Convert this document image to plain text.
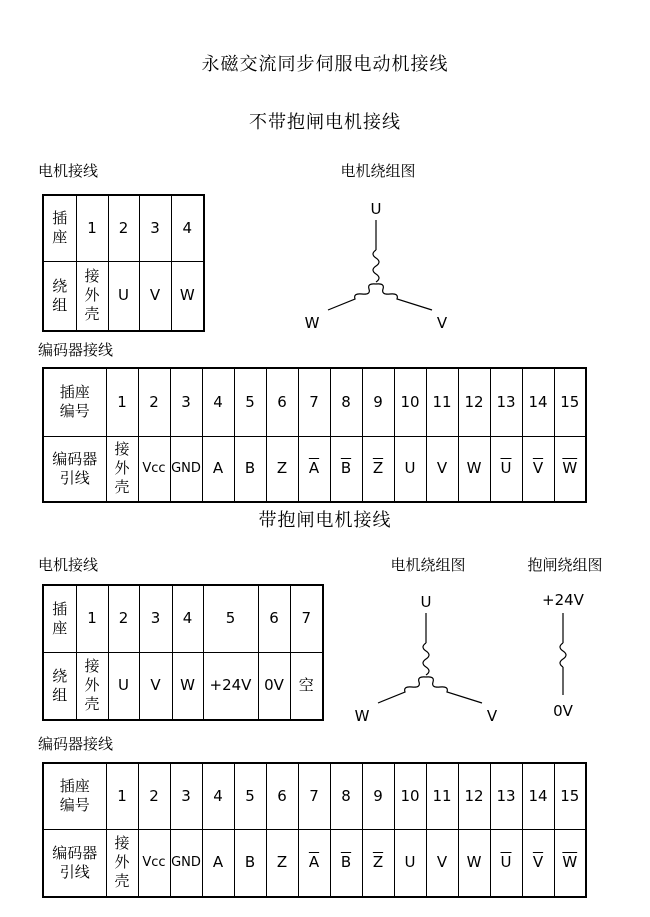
永磁交流同步伺服电动机接线
不带抱闸电机接线
电机接线
插
座	1	2	3	4
绕
组	接
外
壳	U	V	W
电机绕组图
U
W	V
编码器接线
插座
编号	1	2	3	4	5	6	7	8	9	10	11	12	13	14	15
编码器
引线	接
外
壳	Vcc	GND	A	B	Z	$\overline{A}$	$\overline{B}$	$\overline{Z}$	U	V	W	$\overline{U}$	$\overline{V}$	$\overline{W}$
带抱闸电机接线
电机接线
插
座	1	2	3	4	5	6	7
绕
组	接
外
壳	U	V	W	+24V	0V	空
电机绕组图
U
W	V
抱闸绕组图
+24V
0V
编码器接线
插座
编号	1	2	3	4	5	6	7	8	9	10	11	12	13	14	15
编码器
引线	接
外
壳	Vcc	GND	A	B	Z	$\overline{A}$	$\overline{B}$	$\overline{Z}$	U	V	W	$\overline{U}$	$\overline{V}$	$\overline{W}$
